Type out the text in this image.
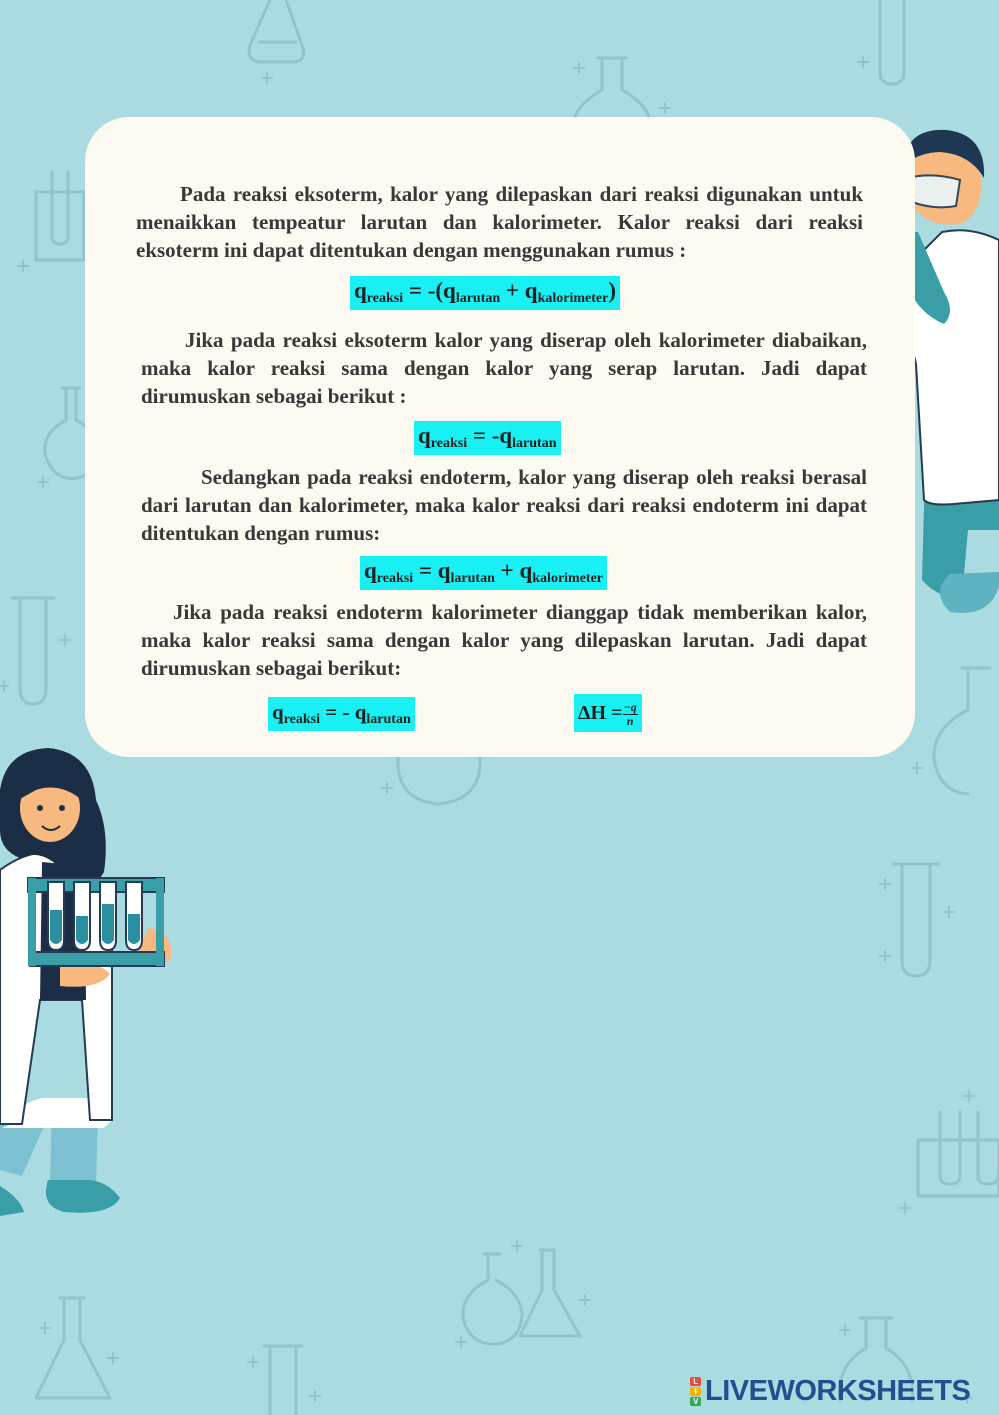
Pada reaksi eksoterm, kalor yang dilepaskan dari reaksi digunakan untuk menaikkan tempeatur larutan dan kalorimeter. Kalor reaksi dari reaksi eksoterm ini dapat ditentukan dengan menggunakan rumus :

qreaksi = -(qlarutan + qkalorimeter)

Jika pada reaksi eksoterm kalor yang diserap oleh kalorimeter diabaikan, maka kalor reaksi sama dengan kalor yang serap larutan. Jadi dapat dirumuskan sebagai berikut :

qreaksi = -qlarutan

Sedangkan pada reaksi endoterm, kalor yang diserap oleh reaksi berasal dari larutan dan kalorimeter, maka kalor reaksi dari reaksi endoterm ini dapat ditentukan dengan rumus:

qreaksi = qlarutan + qkalorimeter

Jika pada reaksi endoterm kalorimeter dianggap tidak memberikan kalor, maka kalor reaksi sama dengan kalor yang dilepaskan larutan. Jadi dapat dirumuskan sebagai berikut:

qreaksi = - qlarutan	$\Delta H = \frac{-q}{n}$
L
I
V LIVEWORKSHEETS
